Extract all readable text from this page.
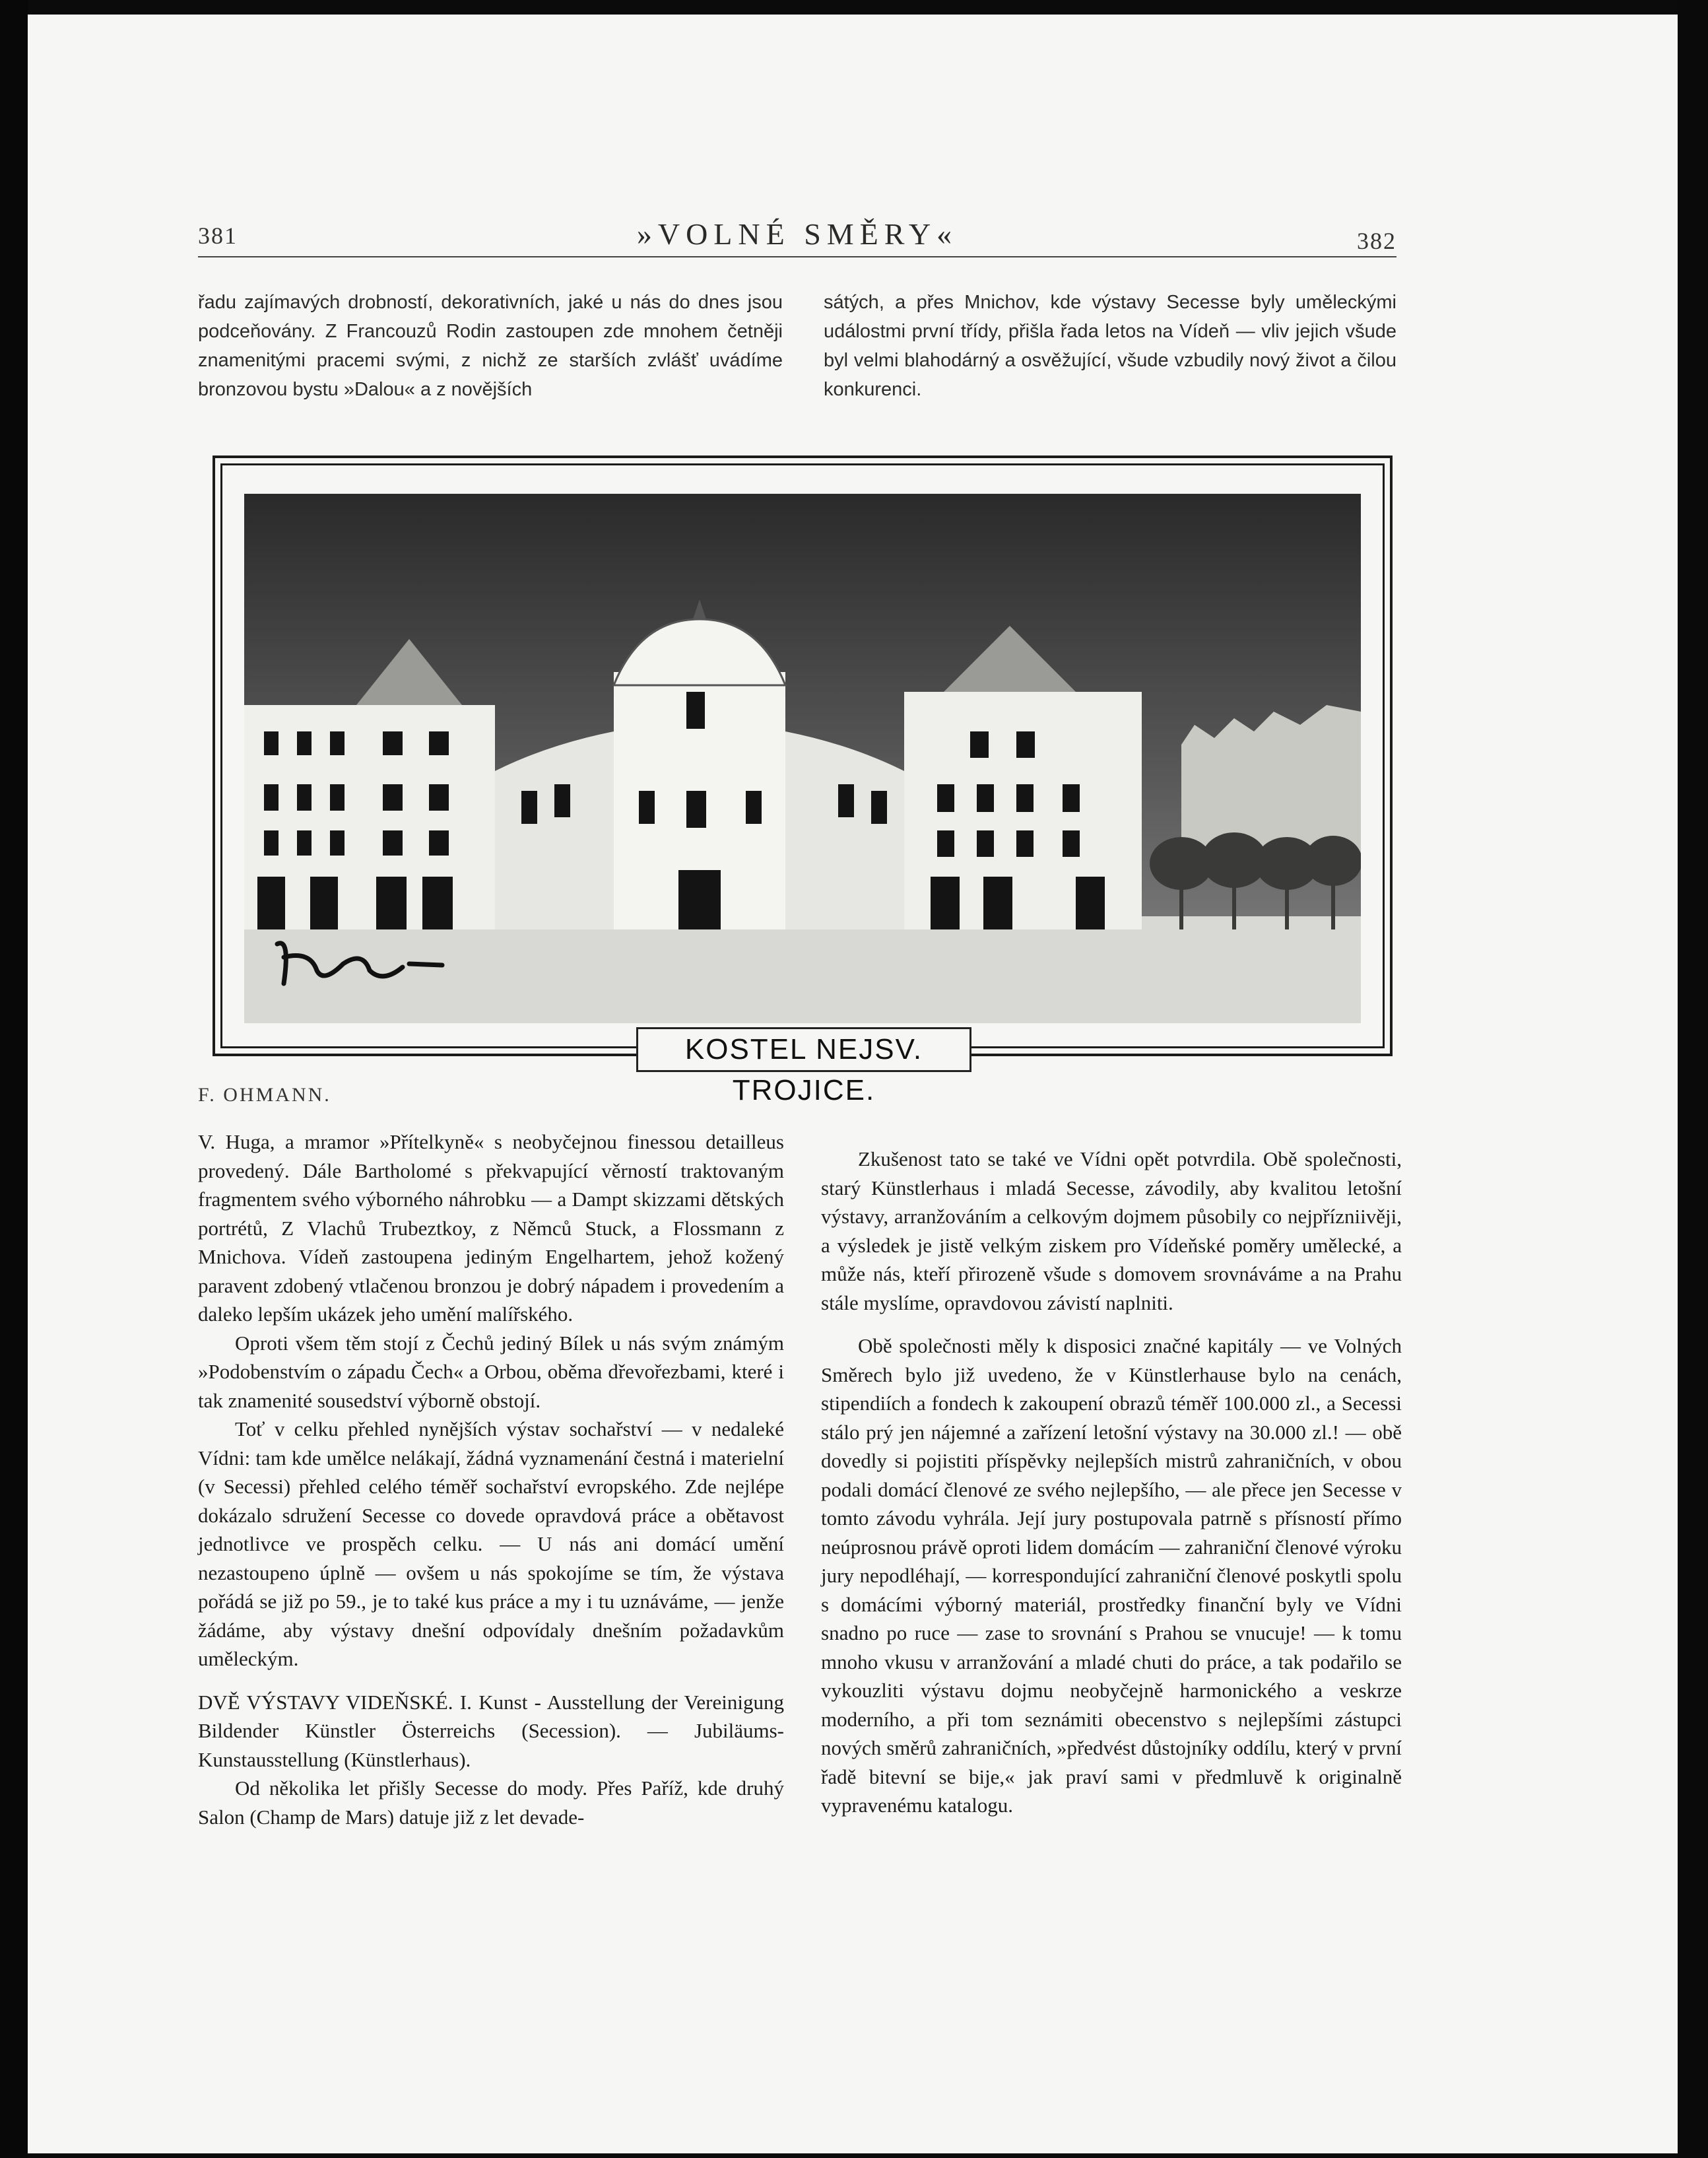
381	»VOLNÉ SMĚRY«	382

řadu zajímavých drobností, dekorativních, jaké u nás do dnes jsou podceňovány. Z Francouzů Rodin zastoupen zde mnohem četněji znamenitými pracemi svými, z nichž ze starších zvlášť uvádíme bronzovou bystu »Dalou« a z novějších

sátých, a přes Mnichov, kde výstavy Secesse byly uměleckými událostmi první třídy, přišla řada letos na Vídeň — vliv jejich všude byl velmi blahodárný a osvěžující, všude vzbudily nový život a čilou konkurenci.

KOSTEL NEJSV. TROJICE.
F. OHMANN.

V. Huga, a mramor »Přítelkyně« s neobyčejnou finessou detailleus provedený. Dále Bartholomé s překvapující věrností traktovaným fragmentem svého výborného náhrobku — a Dampt skizzami dětských portrétů, Z Vlachů Trubeztkoy, z Němců Stuck, a Flossmann z Mnichova. Vídeň zastoupena jediným Engelhartem, jehož kožený paravent zdobený vtlačenou bronzou je dobrý nápadem i provedením a daleko lepším ukázek jeho umění malířského.

Oproti všem těm stojí z Čechů jediný Bílek u nás svým známým »Podobenstvím o západu Čech« a Orbou, oběma dřevořezbami, které i tak znamenité sousedství výborně obstojí.

Toť v celku přehled nynějších výstav sochařství — v nedaleké Vídni: tam kde umělce nelákají, žádná vyznamenání čestná i materielní (v Secessi) přehled celého téměř sochařství evropského. Zde nejlépe dokázalo sdružení Secesse co dovede opravdová práce a obětavost jednotlivce ve prospěch celku. — U nás ani domácí umění nezastoupeno úplně — ovšem u nás spokojíme se tím, že výstava pořádá se již po 59., je to také kus práce a my i tu uznáváme, — jenže žádáme, aby výstavy dnešní odpovídaly dnešním požadavkům uměleckým.

DVĚ VÝSTAVY VIDEŇSKÉ. I. Kunst - Ausstellung der Vereinigung Bildender Künstler Österreichs (Secession). — Jubiläums-Kunstausstellung (Künstlerhaus).

Od několika let přišly Secesse do mody. Přes Paříž, kde druhý Salon (Champ de Mars) datuje již z let devade-

Zkušenost tato se také ve Vídni opět potvrdila. Obě společnosti, starý Künstlerhaus i mladá Secesse, závodily, aby kvalitou letošní výstavy, arranžováním a celkovým dojmem působily co nejpřízniivěji, a výsledek je jistě velkým ziskem pro Vídeňské poměry umělecké, a může nás, kteří přirozeně všude s domovem srovnáváme a na Prahu stále myslíme, opravdovou závistí naplniti.

Obě společnosti měly k disposici značné kapitály — ve Volných Směrech bylo již uvedeno, že v Künstlerhause bylo na cenách, stipendiích a fondech k zakoupení obrazů téměř 100.000 zl., a Secessi stálo prý jen nájemné a zařízení letošní výstavy na 30.000 zl.! — obě dovedly si pojistiti příspěvky nejlepších mistrů zahraničních, v obou podali domácí členové ze svého nejlepšího, — ale přece jen Secesse v tomto závodu vyhrála. Její jury postupovala patrně s přísností přímo neúprosnou právě oproti lidem domácím — zahraniční členové výroku jury nepodléhají, — korrespondující zahraniční členové poskytli spolu s domácími výborný materiál, prostředky finanční byly ve Vídni snadno po ruce — zase to srovnání s Prahou se vnucuje! — k tomu mnoho vkusu v arranžování a mladé chuti do práce, a tak podařilo se vykouzliti výstavu dojmu neobyčejně harmonického a veskrze moderního, a při tom seznámiti obecenstvo s nejlepšími zástupci nových směrů zahraničních, »předvést důstojníky oddílu, který v první řadě bitevní se bije,« jak praví sami v předmluvě k originalně vypravenému katalogu.
